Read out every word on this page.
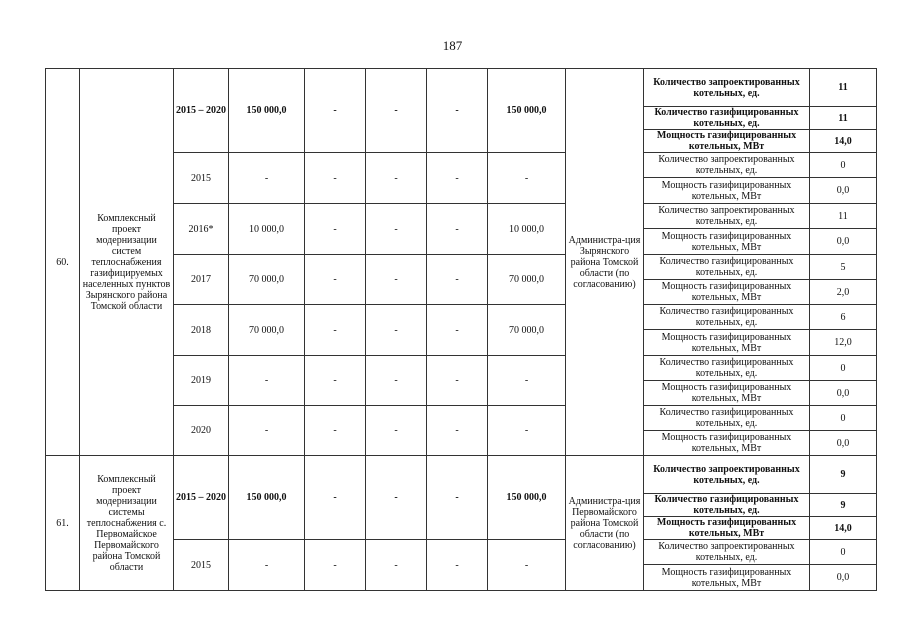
187
60.	Комплексный проект модернизации систем теплоснабжения газифицируемых населенных пунктов Зырянского района Томской области	2015 – 2020	150 000,0	-	-	-	150 000,0	Администра-ция Зырянского района Томской области (по согласованию)	Количество запроектированных котельных, ед.	11
									Количество газифицированных котельных, ед.	11
									Мощность газифицированных котельных, МВт	14,0
		2015	-	-	-	-	-		Количество запроектированных котельных, ед.	0
									Мощность газифицированных котельных, МВт	0,0
		2016*	10 000,0	-	-	-	10 000,0		Количество запроектированных котельных, ед.	11
									Мощность газифицированных котельных, МВт	0,0
		2017	70 000,0	-	-	-	70 000,0		Количество газифицированных котельных, ед.	5
									Мощность газифицированных котельных, МВт	2,0
		2018	70 000,0	-	-	-	70 000,0		Количество газифицированных котельных, ед.	6
									Мощность газифицированных котельных, МВт	12,0
		2019	-	-	-	-	-		Количество газифицированных котельных, ед.	0
									Мощность газифицированных котельных, МВт	0,0
		2020	-	-	-	-	-		Количество газифицированных котельных, ед.	0
									Мощность газифицированных котельных, МВт	0,0
61.	Комплексный проект модернизации системы теплоснабжения с. Первомайское Первомайского района Томской области	2015 – 2020	150 000,0	-	-	-	150 000,0	Администра-ция Первомайского района Томской области (по согласованию)	Количество запроектированных котельных, ед.	9
									Количество газифицированных котельных, ед.	9
									Мощность газифицированных котельных, МВт	14,0
		2015	-	-	-	-	-		Количество запроектированных котельных, ед.	0
									Мощность газифицированных котельных, МВт	0,0
